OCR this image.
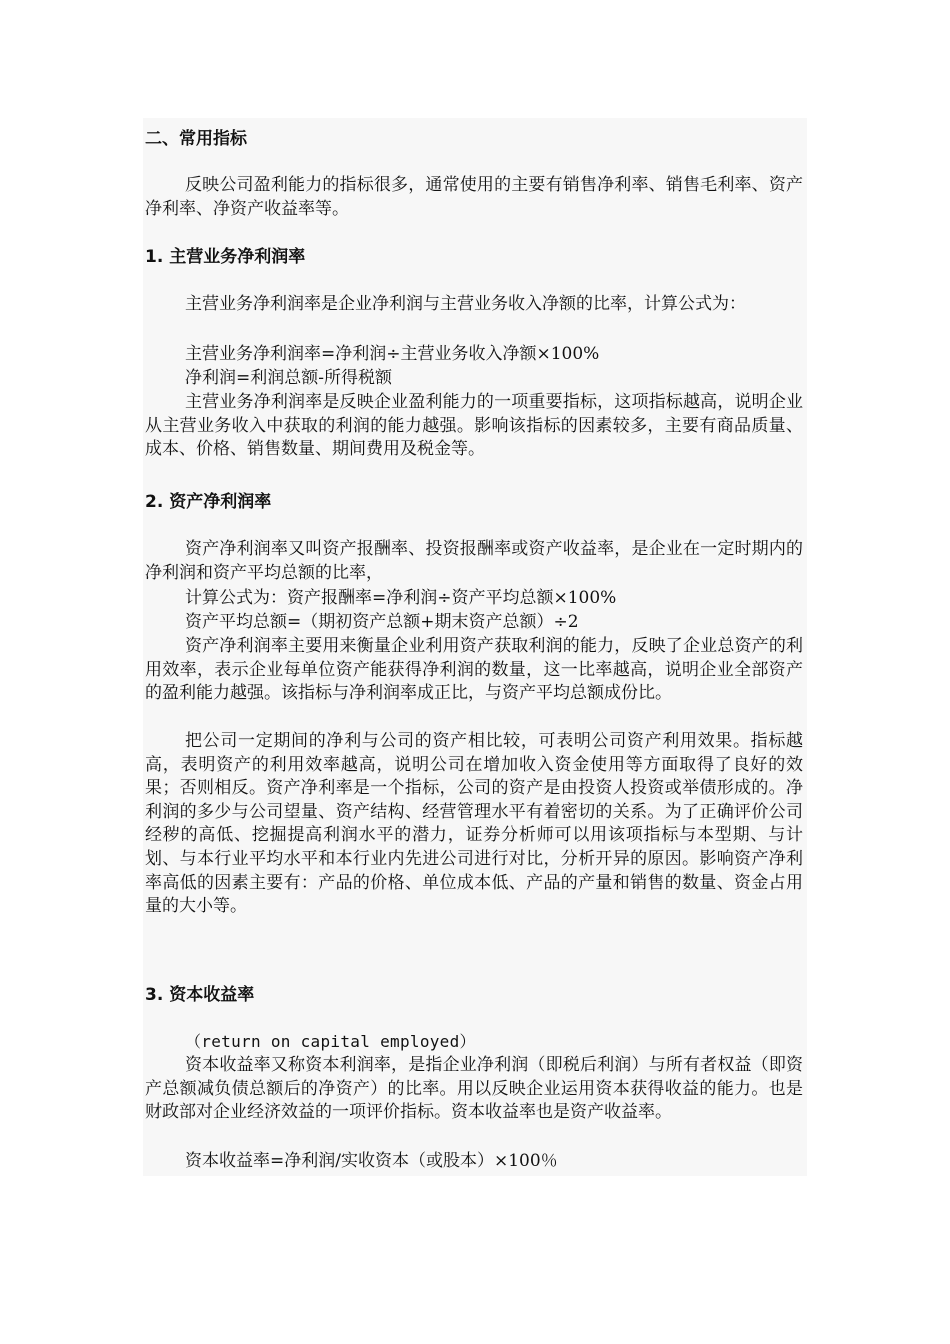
二、常用指标

反映公司盈利能力的指标很多，通常使用的主要有销售净利率、销售毛利率、资产净利率、净资产收益率等。

1. 主营业务净利润率

主营业务净利润率是企业净利润与主营业务收入净额的比率，计算公式为：

主营业务净利润率=净利润÷主营业务收入净额×100%
净利润=利润总额-所得税额

主营业务净利润率是反映企业盈利能力的一项重要指标，这项指标越高，说明企业从主营业务收入中获取的利润的能力越强。影响该指标的因素较多，主要有商品质量、成本、价格、销售数量、期间费用及税金等。

2. 资产净利润率

资产净利润率又叫资产报酬率、投资报酬率或资产收益率，是企业在一定时期内的净利润和资产平均总额的比率，

计算公式为：资产报酬率=净利润÷资产平均总额×100%
资产平均总额=（期初资产总额+期末资产总额）÷2

资产净利润率主要用来衡量企业利用资产获取利润的能力，反映了企业总资产的利用效率，表示企业每单位资产能获得净利润的数量，这一比率越高，说明企业全部资产的盈利能力越强。该指标与净利润率成正比，与资产平均总额成份比。

把公司一定期间的净利与公司的资产相比较，可表明公司资产利用效果。指标越高，表明资产的利用效率越高，说明公司在增加收入资金使用等方面取得了良好的效果；否则相反。资产净利率是一个指标，公司的资产是由投资人投资或举债形成的。净利润的多少与公司望量、资产结构、经营管理水平有着密切的关系。为了正确评价公司经秽的高低、挖掘提高利润水平的潜力，证券分析师可以用该项指标与本型期、与计划、与本行业平均水平和本行业内先进公司进行对比，分析开异的原因。影响资产净利率高低的因素主要有：产品的价格、单位成本低、产品的产量和销售的数量、资金占用量的大小等。

3. 资本收益率
（return on capital employed）

资本收益率又称资本利润率，是指企业净利润（即税后利润）与所有者权益（即资产总额减负债总额后的净资产）的比率。用以反映企业运用资本获得收益的能力。也是财政部对企业经济效益的一项评价指标。资本收益率也是资产收益率。

资本收益率=净利润/实收资本（或股本）×100％
